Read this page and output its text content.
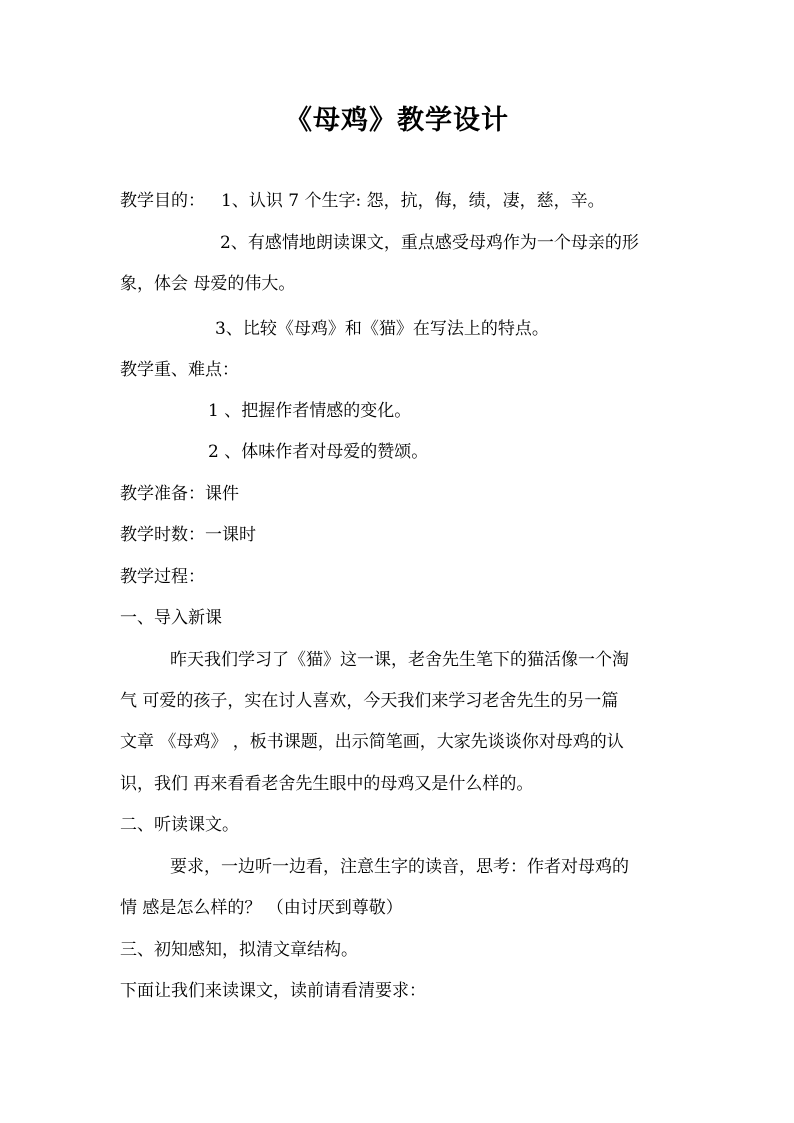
《母鸡》教学设计
教学目的： 1、认识 7 个生字: 怨，抗，侮，绩，凄，慈，辛。
2、有感情地朗读课文，重点感受母鸡作为一个母亲的形
象，体会 母爱的伟大。
3、比较《母鸡》和《猫》在写法上的特点。
教学重、难点：
1 、把握作者情感的变化。
2 、体味作者对母爱的赞颂。
教学准备：课件
教学时数：一课时
教学过程：
一、导入新课
昨天我们学习了《猫》这一课，老舍先生笔下的猫活像一个淘
气 可爱的孩子，实在讨人喜欢，今天我们来学习老舍先生的另一篇
文章 《母鸡》 ，板书课题，出示简笔画，大家先谈谈你对母鸡的认
识，我们 再来看看老舍先生眼中的母鸡又是什么样的。
二、听读课文。
要求，一边听一边看，注意生字的读音，思考：作者对母鸡的
情 感是怎么样的？ （由讨厌到尊敬）
三、初知感知，拟清文章结构。
下面让我们来读课文，读前请看清要求：
